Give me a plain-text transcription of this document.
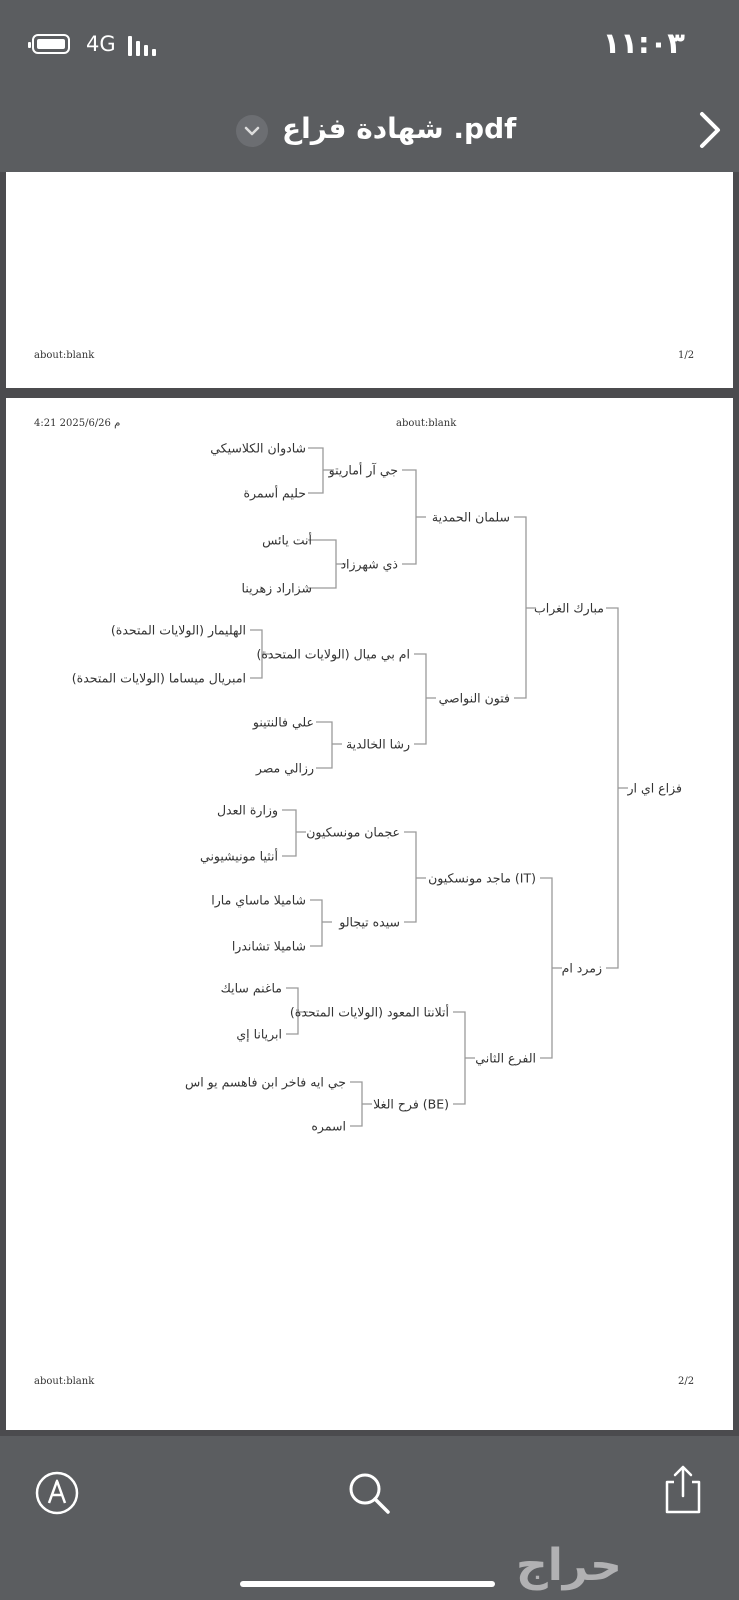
4G	١١:٠٣
شهادة فزاع .pdf
about:blank	1/2
4:21 2025/6/26 م	about:blank
شادوان الكلاسيكي
حليم أسمرة
أنت يائس
شزاراد زهرينا
جي آر أماريتو
ذي شهرزاد
الهليمار (الولايات المتحدة)
امبريال ميساما (الولايات المتحدة)
علي فالنتينو
رزالي مصر
ام بي ميال (الولايات المتحدة)
رشا الخالدية
سلمان الحمدية
فتون النواصي
مبارك الغراب
وزارة العدل
أنثيا مونيشيوني
شاميلا ماساي مارا
شاميلا تشاندرا
عجمان مونسكيون
سيده تيجالو
ماغنم سايك
ابريانا إي
جي ايه فاخر ابن فاهسم يو اس
اسمره
أتلانتا المعود (الولايات المتحدة)
فرح الغلا (BE)
ماجد مونسكيون (IT)
الفرع الثاني
زمرد ام
فزاع اي ار
about:blank	2/2
حراج
